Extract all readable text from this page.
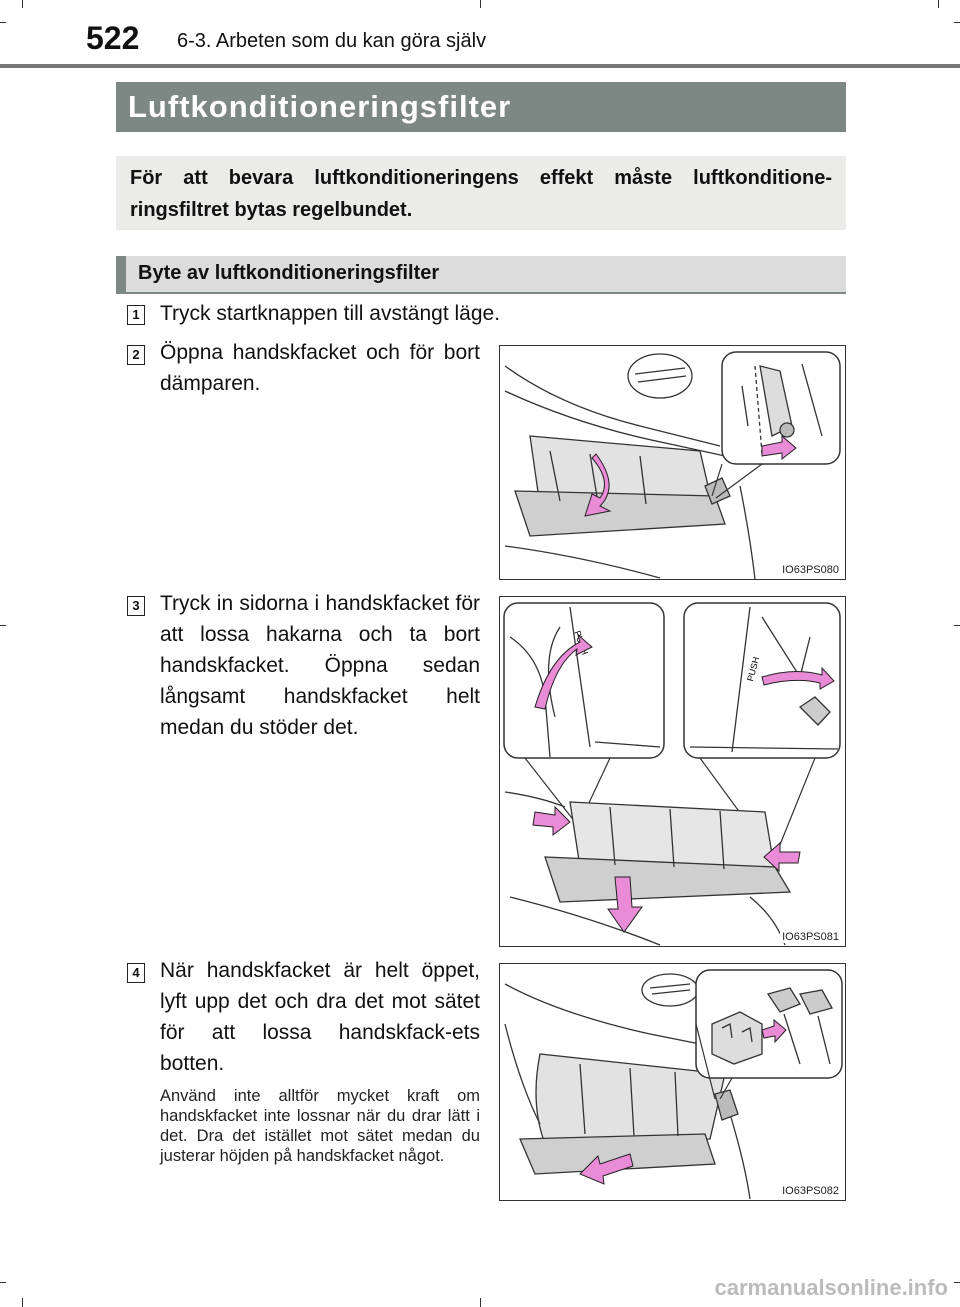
522 6-3. Arbeten som du kan göra själv
Luftkonditioneringsfilter
För att bevara luftkonditioneringens effekt måste luftkonditione-ringsfiltret bytas regelbundet.
Byte av luftkonditioneringsfilter
1 Tryck startknappen till avstängt läge.
2 Öppna handskfacket och för bort dämparen.
IO63PS080
3 Tryck in sidorna i handskfacket för att lossa hakarna och ta bort handskfacket. Öppna sedan långsamt handskfacket helt medan du stöder det.
PUSH
IO63PS081
4 När handskfacket är helt öppet, lyft upp det och dra det mot sätet för att lossa handskfack-ets botten.
Använd inte alltför mycket kraft om handskfacket inte lossnar när du drar lätt i det. Dra det istället mot sätet medan du justerar höjden på handskfacket något.
IO63PS082
carmanualsonline.info
